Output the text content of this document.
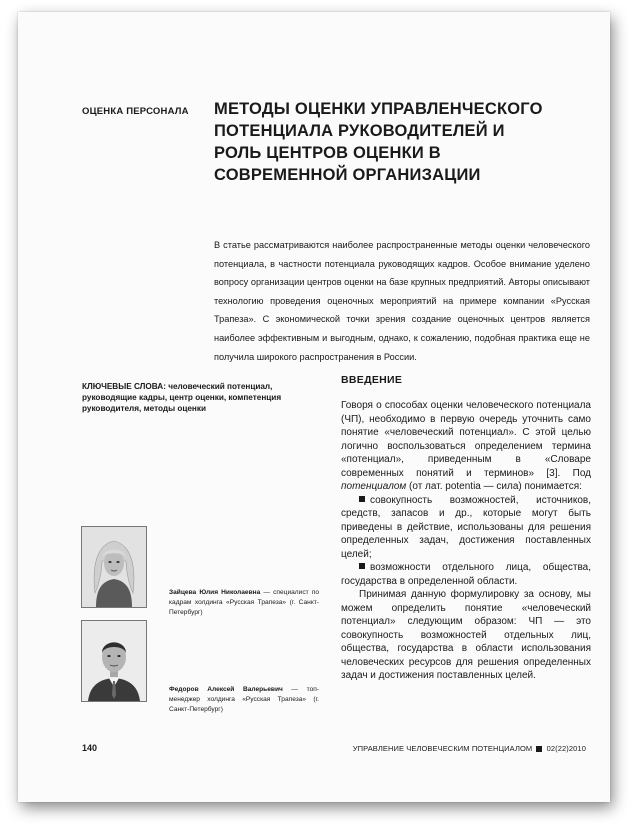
ОЦЕНКА ПЕРСОНАЛА МЕТОДЫ ОЦЕНКИ УПРАВЛЕНЧЕСКОГО ПОТЕНЦИАЛА РУКОВОДИТЕЛЕЙ И РОЛЬ ЦЕНТРОВ ОЦЕНКИ В СОВРЕМЕННОЙ ОРГАНИЗАЦИИ
В статье рассматриваются наиболее распространенные методы оценки человеческого потенциала, в частности потенциала руководящих кадров. Особое внимание уделено вопросу организации центров оценки на базе крупных предприятий. Авторы описывают технологию проведения оценочных мероприятий на примере компании «Русская Трапеза». С экономической точки зрения создание оценочных центров является наиболее эффективным и выгодным, однако, к сожалению, подобная практика еще не получила широкого распространения в России.
КЛЮЧЕВЫЕ СЛОВА: человеческий потенциал, руководящие кадры, центр оценки, компетенция руководителя, методы оценки
Зайцева Юлия Николаевна — специалист по кадрам холдинга «Русская Трапеза» (г. Санкт-Петербург)
Федоров Алексей Валерьевич — топ-менеджер холдинга «Русская Трапеза» (г. Санкт-Петербург)
ВВЕДЕНИЕ

Говоря о способах оценки человеческого потенциала (ЧП), необходимо в первую очередь уточнить само понятие «человеческий потенциал». С этой целью логично воспользоваться определением термина «потенциал», приведенным в «Словаре современных понятий и терминов» [3]. Под потенциалом (от лат. potentia — сила) понимается:

совокупность возможностей, источников, средств, запасов и др., которые могут быть приведены в действие, использованы для решения определенных задач, достижения поставленных целей;

возможности отдельного лица, общества, государства в определенной области.

Принимая данную формулировку за основу, мы можем определить понятие «человеческий потенциал» следующим образом: ЧП — это совокупность возможностей отдельных лиц, общества, государства в области использования человеческих ресурсов для решения определенных задач и достижения поставленных целей.

140	УПРАВЛЕНИЕ ЧЕЛОВЕЧЕСКИМ ПОТЕНЦИАЛОМ 02(22)2010
